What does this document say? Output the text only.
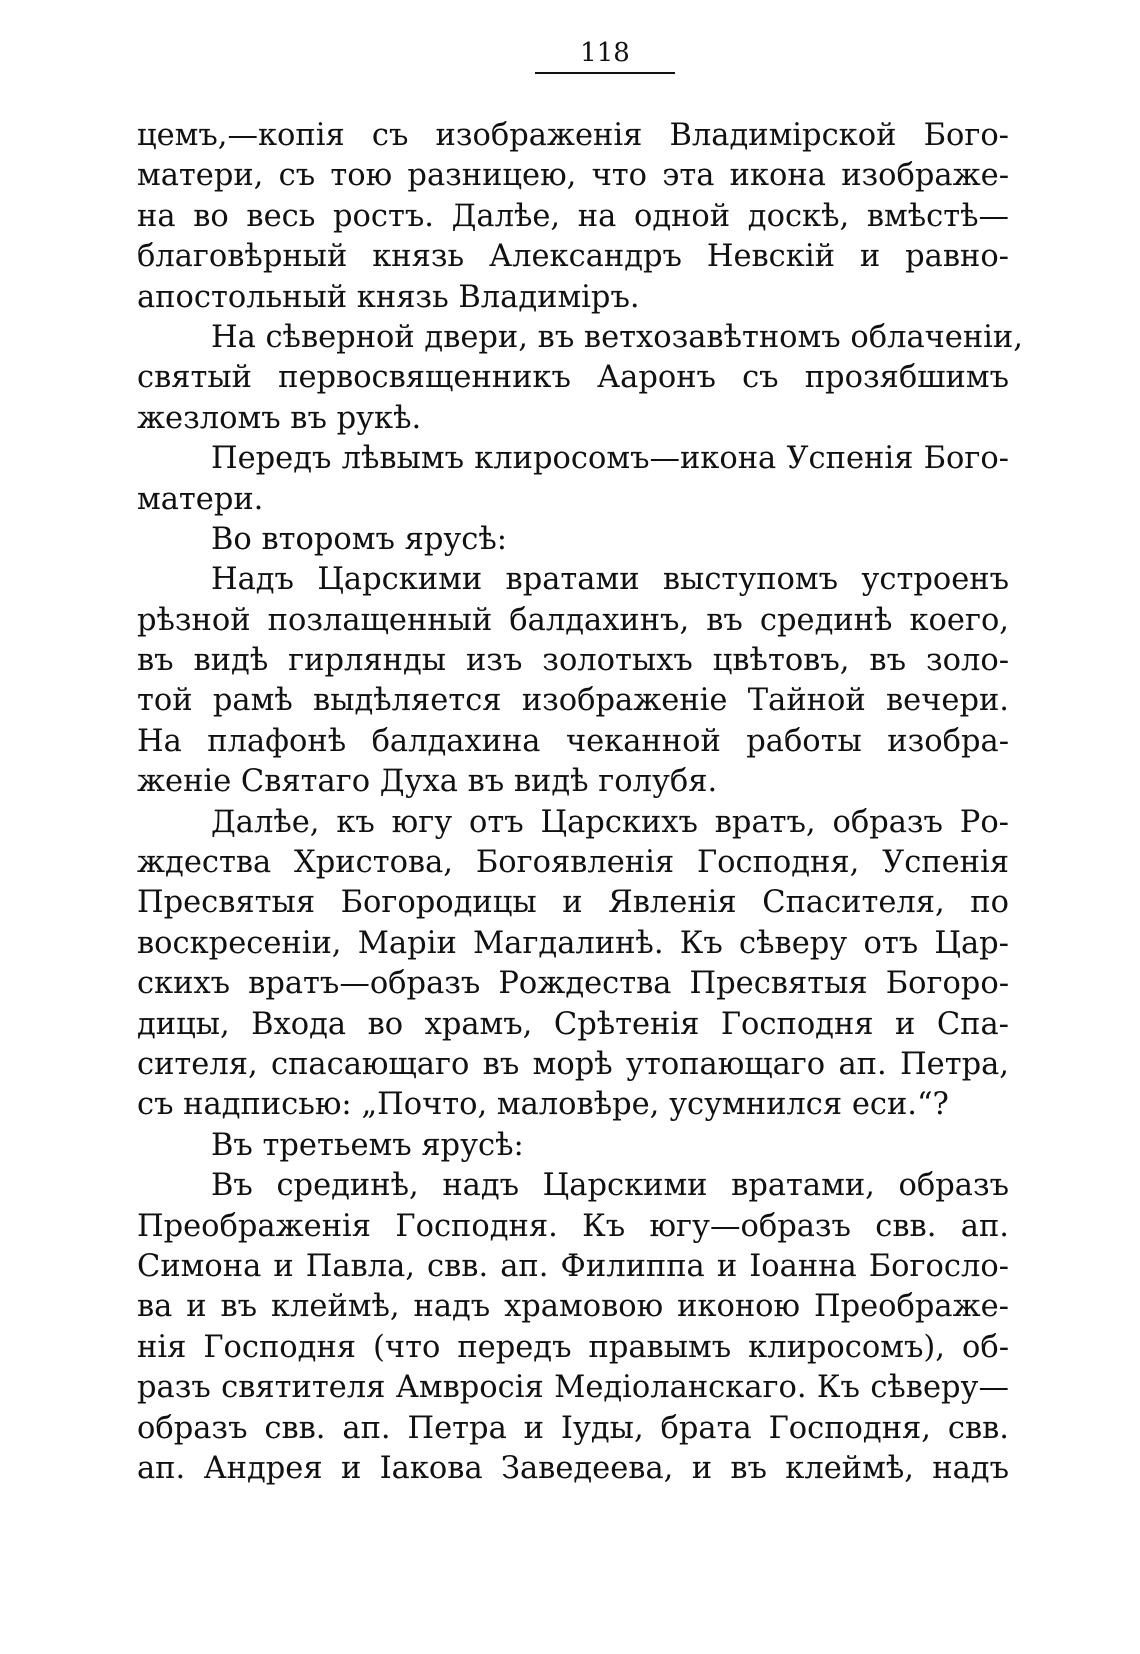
118
цемъ,—копія съ изображенія Владимірской Бого-
матери, съ тою разницею, что эта икона изображе-
на во весь ростъ. Далѣе, на одной доскѣ, вмѣстѣ—
благовѣрный князь Александръ Невскій и равно-
апостольный князь Владиміръ.
На сѣверной двери, въ ветхозавѣтномъ облаченіи,
святый первосвященникъ Ааронъ съ прозябшимъ
жезломъ въ рукѣ.
Передъ лѣвымъ клиросомъ—икона Успенія Бого-
матери.
Во второмъ ярусѣ:
Надъ Царскими вратами выступомъ устроенъ
рѣзной позлащенный балдахинъ, въ срединѣ коего,
въ видѣ гирлянды изъ золотыхъ цвѣтовъ, въ золо-
той рамѣ выдѣляется изображеніе Тайной вечери.
На плафонѣ балдахина чеканной работы изобра-
женіе Святаго Духа въ видѣ голубя.
Далѣе, къ югу отъ Царскихъ вратъ, образъ Ро-
ждества Христова, Богоявленія Господня, Успенія
Пресвятыя Богородицы и Явленія Спасителя, по
воскресеніи, Маріи Магдалинѣ. Къ сѣверу отъ Цар-
скихъ вратъ—образъ Рождества Пресвятыя Богоро-
дицы, Входа во храмъ, Срѣтенія Господня и Спа-
сителя, спасающаго въ морѣ утопающаго ап. Петра,
съ надписью: „Почто, маловѣре, усумнился еси.“?
Въ третьемъ ярусѣ:
Въ срединѣ, надъ Царскими вратами, образъ
Преображенія Господня. Къ югу—образъ свв. ап.
Симона и Павла, свв. ап. Филиппа и Іоанна Богосло-
ва и въ клеймѣ, надъ храмовою иконою Преображе-
нія Господня (что передъ правымъ клиросомъ), об-
разъ святителя Амвросія Медіоланскаго. Къ сѣверу—
образъ свв. ап. Петра и Іуды, брата Господня, свв.
ап. Андрея и Іакова Заведеева, и въ клеймѣ, надъ
